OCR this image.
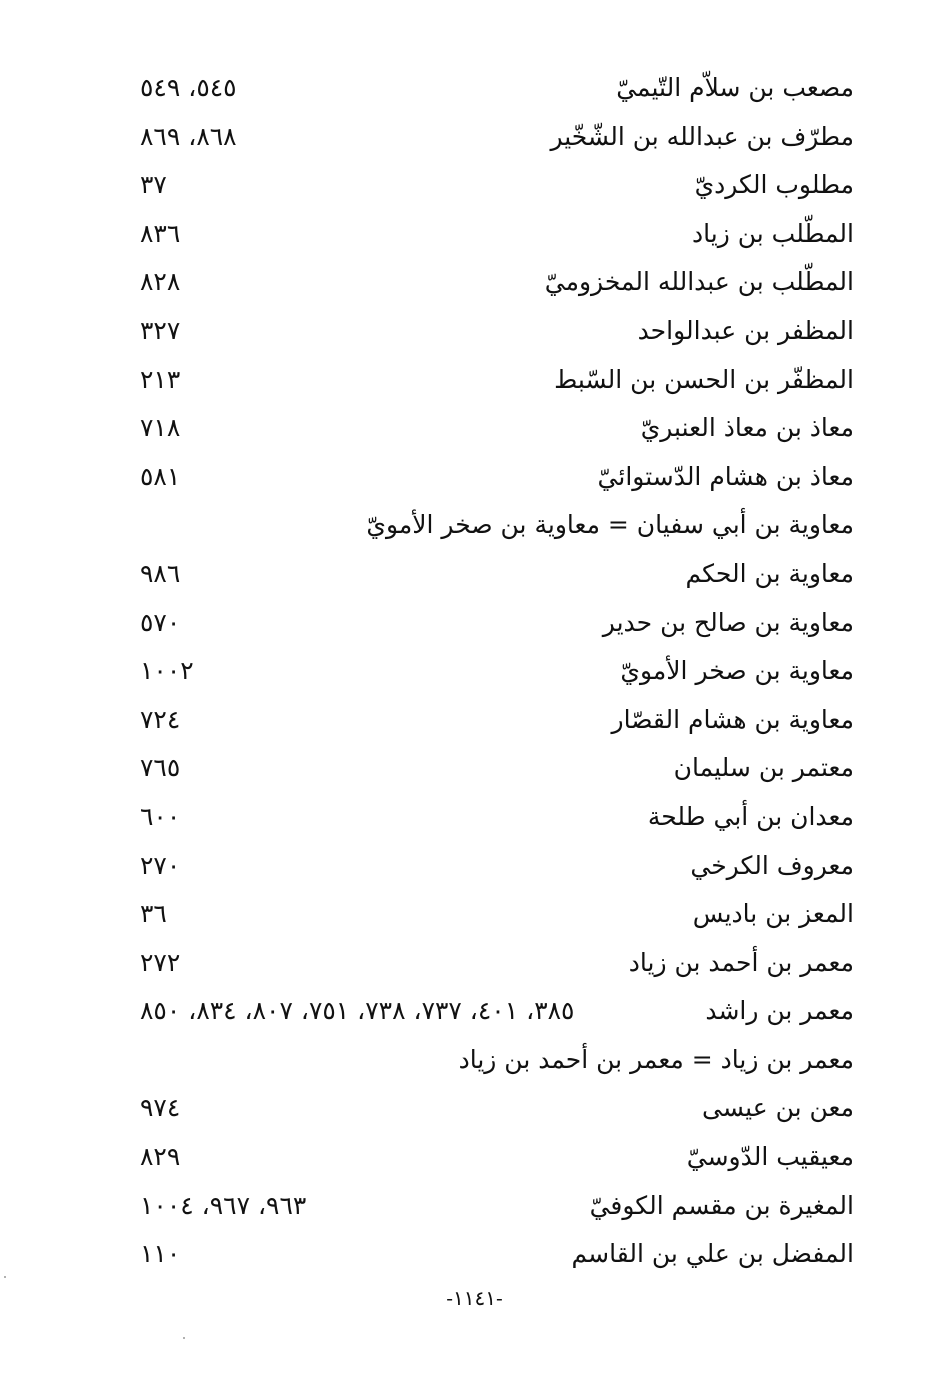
مصعب بن سلاّم التّيميّ
٥٤٥، ٥٤٩
مطرّف بن عبدالله بن الشّخّير
٨٦٨، ٨٦٩
مطلوب الكرديّ
٣٧
المطّلب بن زياد
٨٣٦
المطّلب بن عبدالله المخزوميّ
٨٢٨
المظفر بن عبدالواحد
٣٢٧
المظفّر بن الحسن بن السّبط
٢١٣
معاذ بن معاذ العنبريّ
٧١٨
معاذ بن هشام الدّستوائيّ
٥٨١
معاوية بن أبي سفيان = معاوية بن صخر الأمويّ
معاوية بن الحكم
٩٨٦
معاوية بن صالح بن حدير
٥٧٠
معاوية بن صخر الأمويّ
١٠٠٢
معاوية بن هشام القصّار
٧٢٤
معتمر بن سليمان
٧٦٥
معدان بن أبي طلحة
٦٠٠
معروف الكرخي
٢٧٠
المعز بن باديس
٣٦
معمر بن أحمد بن زياد
٢٧٢
معمر بن راشد
٣٨٥، ٤٠١، ٧٣٧، ٧٣٨، ٧٥١، ٨٠٧، ٨٣٤، ٨٥٠
معمر بن زياد = معمر بن أحمد بن زياد
معن بن عيسى
٩٧٤
معيقيب الدّوسيّ
٨٢٩
المغيرة بن مقسم الكوفيّ
٩٦٣، ٩٦٧، ١٠٠٤
المفضل بن علي بن القاسم
١١٠
-١١٤١-
